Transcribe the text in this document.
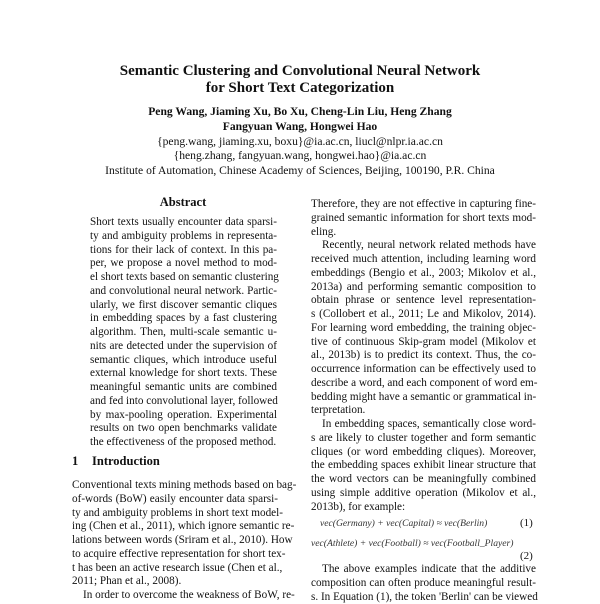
Semantic Clustering and Convolutional Neural Network
for Short Text Categorization
Peng Wang, Jiaming Xu, Bo Xu, Cheng-Lin Liu, Heng Zhang
Fangyuan Wang, Hongwei Hao
{peng.wang, jiaming.xu, boxu}@ia.ac.cn, liucl@nlpr.ia.ac.cn
{heng.zhang, fangyuan.wang, hongwei.hao}@ia.ac.cn
Institute of Automation, Chinese Academy of Sciences, Beijing, 100190, P.R. China
Abstract
Short texts usually encounter data sparsi-
ty and ambiguity problems in representa-
tions for their lack of context. In this pa-
per, we propose a novel method to mod-
el short texts based on semantic clustering
and convolutional neural network. Partic-
ularly, we first discover semantic cliques
in embedding spaces by a fast clustering
algorithm. Then, multi-scale semantic u-
nits are detected under the supervision of
semantic cliques, which introduce useful
external knowledge for short texts. These
meaningful semantic units are combined
and fed into convolutional layer, followed
by max-pooling operation. Experimental
results on two open benchmarks validate
the effectiveness of the proposed method.
1 Introduction
Conventional texts mining methods based on bag-
of-words (BoW) easily encounter data sparsi-
ty and ambiguity problems in short text model-
ing (Chen et al., 2011), which ignore semantic re-
lations between words (Sriram et al., 2010). How
to acquire effective representation for short tex-
t has been an active research issue (Chen et al.,
2011; Phan et al., 2008).
In order to overcome the weakness of BoW, re-
Therefore, they are not effective in capturing fine-
grained semantic information for short texts mod-
eling.
Recently, neural network related methods have
received much attention, including learning word
embeddings (Bengio et al., 2003; Mikolov et al.,
2013a) and performing semantic composition to
obtain phrase or sentence level representation-
s (Collobert et al., 2011; Le and Mikolov, 2014).
For learning word embedding, the training objec-
tive of continuous Skip-gram model (Mikolov et
al., 2013b) is to predict its context. Thus, the co-
occurrence information can be effectively used to
describe a word, and each component of word em-
bedding might have a semantic or grammatical in-
terpretation.
In embedding spaces, semantically close word-
s are likely to cluster together and form semantic
cliques (or word embedding cliques). Moreover,
the embedding spaces exhibit linear structure that
the word vectors can be meaningfully combined
using simple additive operation (Mikolov et al.,
2013b), for example:
vec(Germany) + vec(Capital) ≈ vec(Berlin)	(1)
vec(Athlete) + vec(Football) ≈ vec(Football_Player)
(2)
The above examples indicate that the additive
composition can often produce meaningful result-
s. In Equation (1), the token 'Berlin' can be viewed
